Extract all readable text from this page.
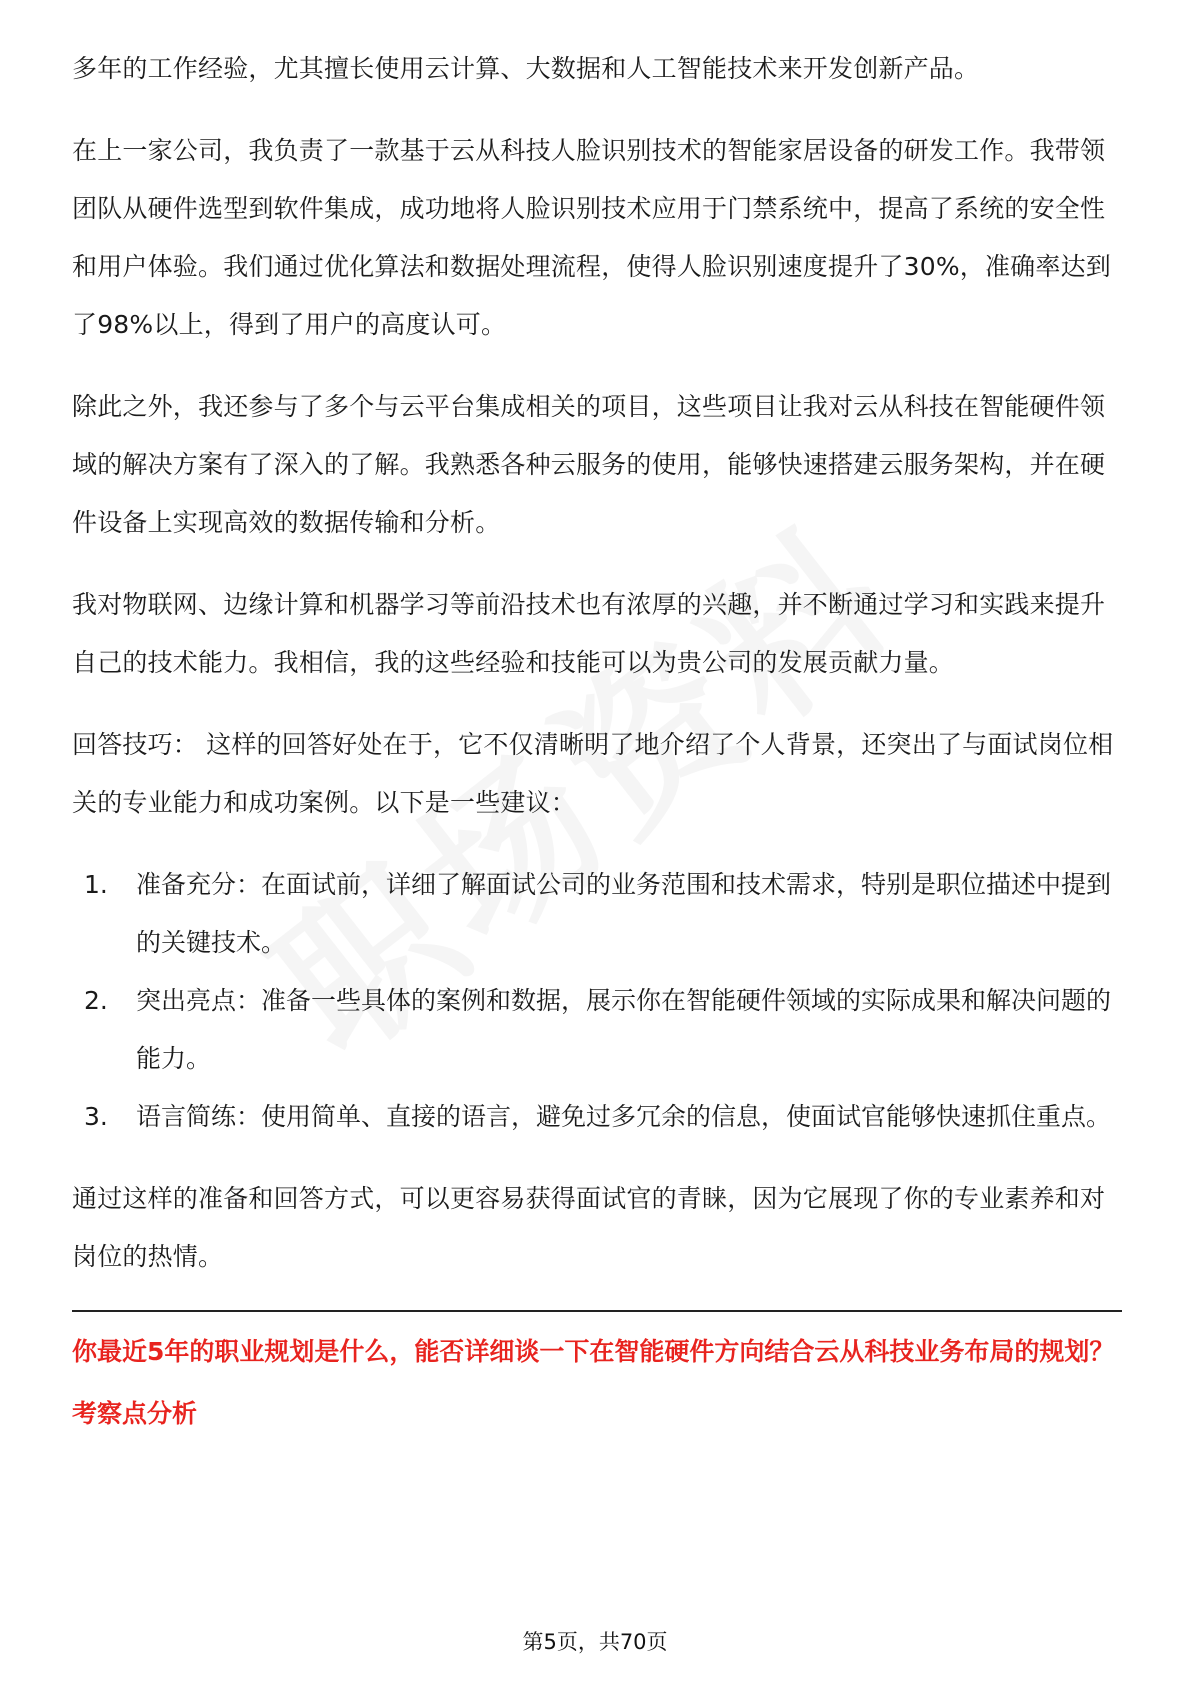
多年的工作经验，尤其擅长使用云计算、大数据和人工智能技术来开发创新产品。

在上一家公司，我负责了一款基于云从科技人脸识别技术的智能家居设备的研发工作。我带领团队从硬件选型到软件集成，成功地将人脸识别技术应用于门禁系统中，提高了系统的安全性和用户体验。我们通过优化算法和数据处理流程，使得人脸识别速度提升了30%，准确率达到了98%以上，得到了用户的高度认可。

除此之外，我还参与了多个与云平台集成相关的项目，这些项目让我对云从科技在智能硬件领域的解决方案有了深入的了解。我熟悉各种云服务的使用，能够快速搭建云服务架构，并在硬件设备上实现高效的数据传输和分析。

我对物联网、边缘计算和机器学习等前沿技术也有浓厚的兴趣，并不断通过学习和实践来提升自己的技术能力。我相信，我的这些经验和技能可以为贵公司的发展贡献力量。

回答技巧： 这样的回答好处在于，它不仅清晰明了地介绍了个人背景，还突出了与面试岗位相关的专业能力和成功案例。以下是一些建议：

1.	准备充分：在面试前，详细了解面试公司的业务范围和技术需求，特别是职位描述中提到的关键技术。
2.	突出亮点：准备一些具体的案例和数据，展示你在智能硬件领域的实际成果和解决问题的能力。
3.	语言简练：使用简单、直接的语言，避免过多冗余的信息，使面试官能够快速抓住重点。

通过这样的准备和回答方式，可以更容易获得面试官的青睐，因为它展现了你的专业素养和对岗位的热情。

你最近5年的职业规划是什么，能否详细谈一下在智能硬件方向结合云从科技业务布局的规划？

考察点分析

第5页，共70页
